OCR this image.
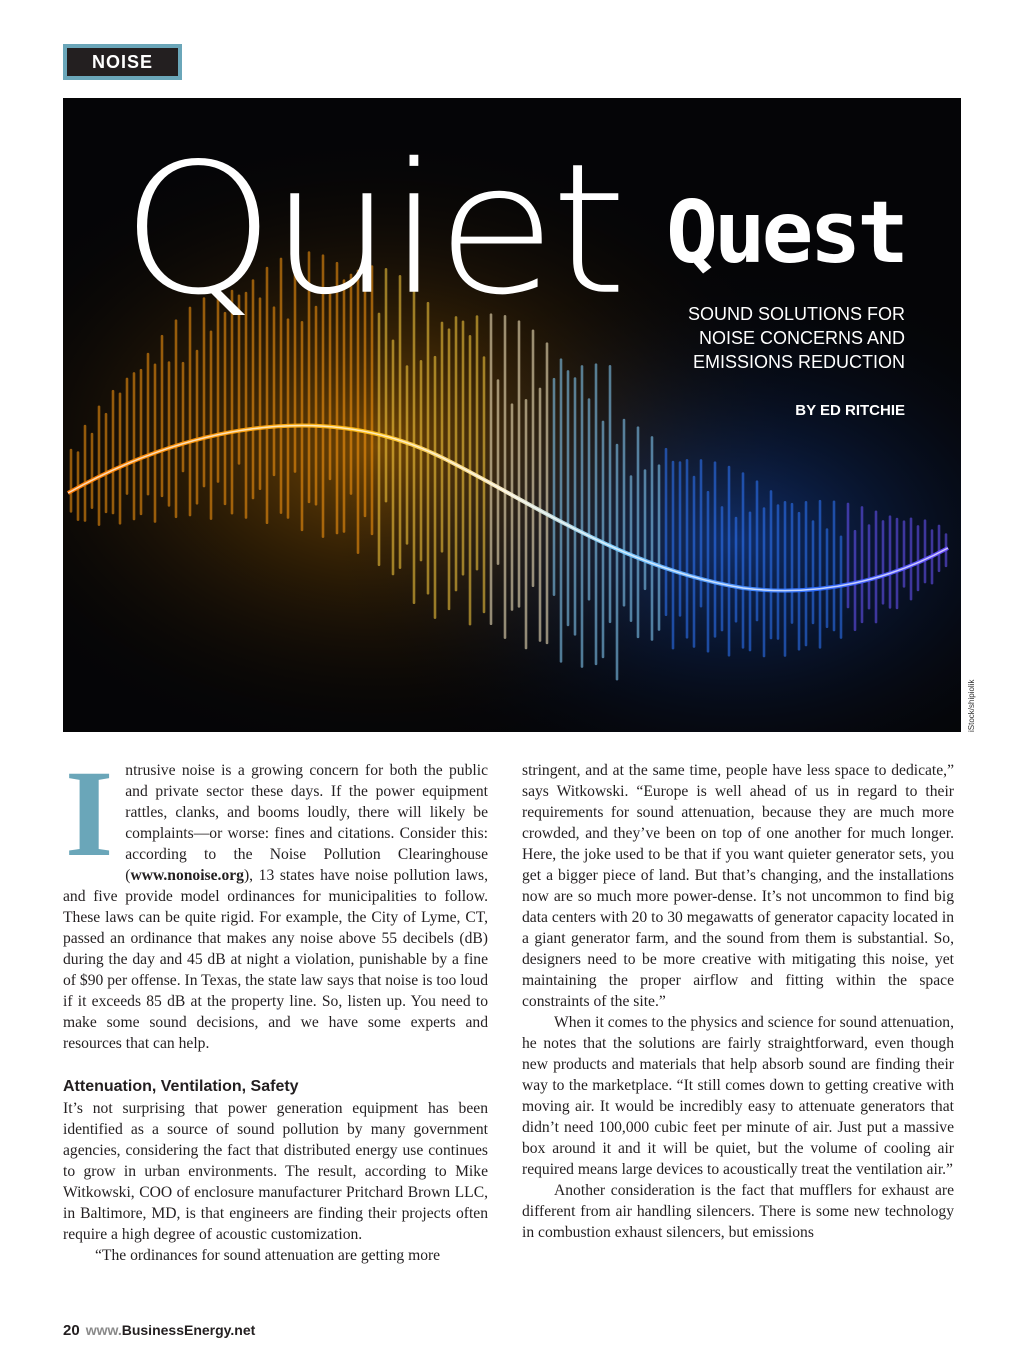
NOISE
Quiet Quest
SOUND SOLUTIONS FOR
NOISE CONCERNS AND
EMISSIONS REDUCTION
BY ED RITCHIE
iStock/shipiolik

Intrusive noise is a growing concern for both the public and private sector these days. If the power equipment rattles, clanks, and booms loudly, there will likely be complaints—or worse: fines and citations. Consider this: according to the Noise Pollution Clearinghouse (www.nonoise.org), 13 states have noise pollution laws, and five provide model ordinances for municipalities to follow. These laws can be quite rigid. For example, the City of Lyme, CT, passed an ordinance that makes any noise above 55 decibels (dB) during the day and 45 dB at night a violation, punishable by a fine of $90 per offense. In Texas, the state law says that noise is too loud if it exceeds 85 dB at the property line. So, listen up. You need to make some sound decisions, and we have some experts and resources that can help.

Attenuation, Ventilation, Safety

It’s not surprising that power generation equipment has been identified as a source of sound pollution by many government agencies, considering the fact that distributed energy use continues to grow in urban environments. The result, according to Mike Witkowski, COO of enclosure manufacturer Pritchard Brown LLC, in Baltimore, MD, is that engineers are finding their projects often require a high degree of acoustic customization.

“The ordinances for sound attenuation are getting more

stringent, and at the same time, people have less space to dedicate,” says Witkowski. “Europe is well ahead of us in regard to their requirements for sound attenuation, because they are much more crowded, and they’ve been on top of one another for much longer. Here, the joke used to be that if you want quieter generator sets, you get a bigger piece of land. But that’s changing, and the installations now are so much more power-dense. It’s not uncommon to find big data centers with 20 to 30 megawatts of generator capacity located in a giant generator farm, and the sound from them is substantial. So, designers need to be more creative with mitigating this noise, yet maintaining the proper airflow and fitting within the space constraints of the site.”

When it comes to the physics and science for sound attenuation, he notes that the solutions are fairly straightforward, even though new products and materials that help absorb sound are finding their way to the marketplace. “It still comes down to getting creative with moving air. It would be incredibly easy to attenuate generators that didn’t need 100,000 cubic feet per minute of air. Just put a massive box around it and it will be quiet, but the volume of cooling air required means large devices to acoustically treat the ventilation air.”

Another consideration is the fact that mufflers for exhaust are different from air handling silencers. There is some new technology in combustion exhaust silencers, but emissions

20 www.BusinessEnergy.net
